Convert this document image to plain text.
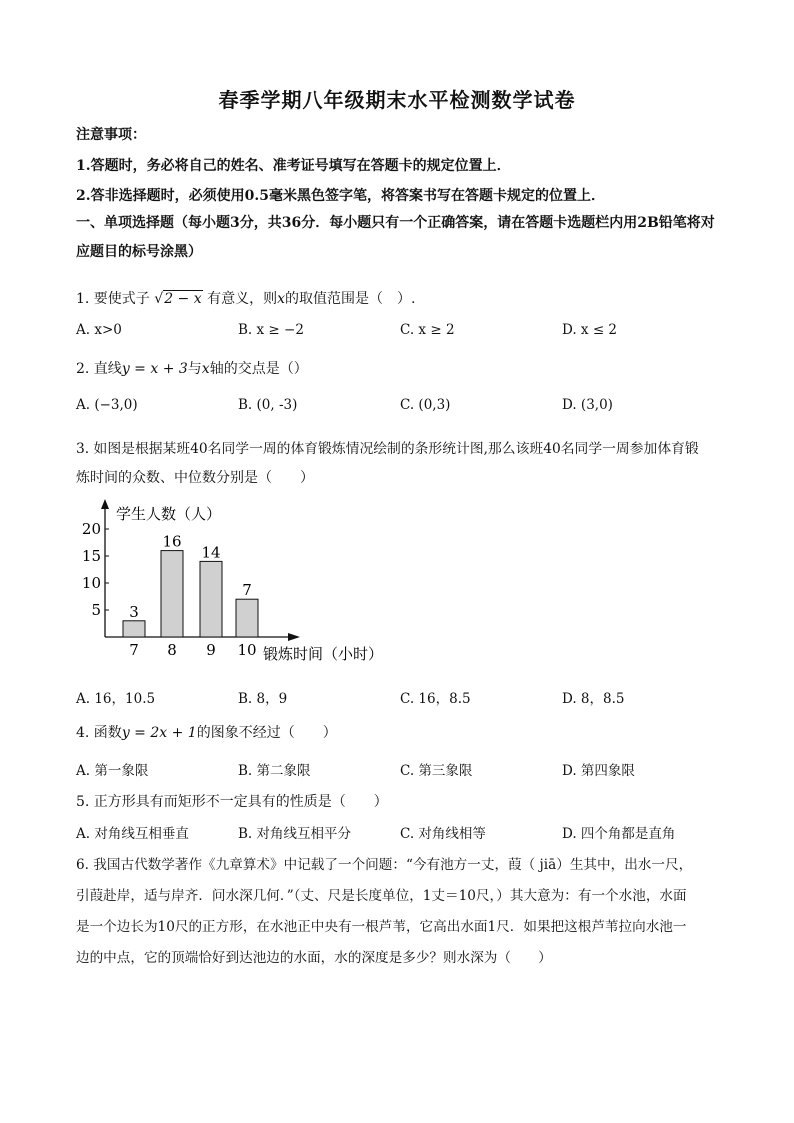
春季学期八年级期末水平检测数学试卷
注意事项：
1.答题时，务必将自己的姓名、准考证号填写在答题卡的规定位置上．
2.答非选择题时，必须使用0.5毫米黑色签字笔，将答案书写在答题卡规定的位置上．
一、单项选择题（每小题3分，共36分．每小题只有一个正确答案，请在答题卡选题栏内用2B铅笔将对应题目的标号涂黑）
1. 要使式子 √2 − x 有意义，则x的取值范围是（　）.
A. x>0	B. x ≥ −2	C. x ≥ 2	D. x ≤ 2
2. 直线y = x + 3与x轴的交点是（）
A. (−3,0)	B. (0, ‑3)	C. (0,3)	D. (3,0)
3. 如图是根据某班40名同学一周的体育锻炼情况绘制的条形统计图,那么该班40名同学一周参加体育锻
炼时间的众数、中位数分别是（　　）
学生人数（人）
锻炼时间（小时）
5
10
15
20
3
7
16
8
14
9
7
10
A. 16，10.5	B. 8，9	C. 16，8.5	D. 8，8.5
4. 函数y = 2x + 1的图象不经过（　　）
A. 第一象限	B. 第二象限	C. 第三象限	D. 第四象限
5. 正方形具有而矩形不一定具有的性质是（　　）
A. 对角线互相垂直	B. 对角线互相平分	C. 对角线相等	D. 四个角都是直角
6. 我国古代数学著作《九章算术》中记载了一个问题：“今有池方一丈，葭（ jiā）生其中，出水一尺，
引葭赴岸，适与岸齐．问水深几何．”（丈、尺是长度单位，1丈＝10尺，）其大意为：有一个水池，水面
是一个边长为10尺的正方形，在水池正中央有一根芦苇，它高出水面1尺．如果把这根芦苇拉向水池一
边的中点，它的顶端恰好到达池边的水面，水的深度是多少？则水深为（　　）
